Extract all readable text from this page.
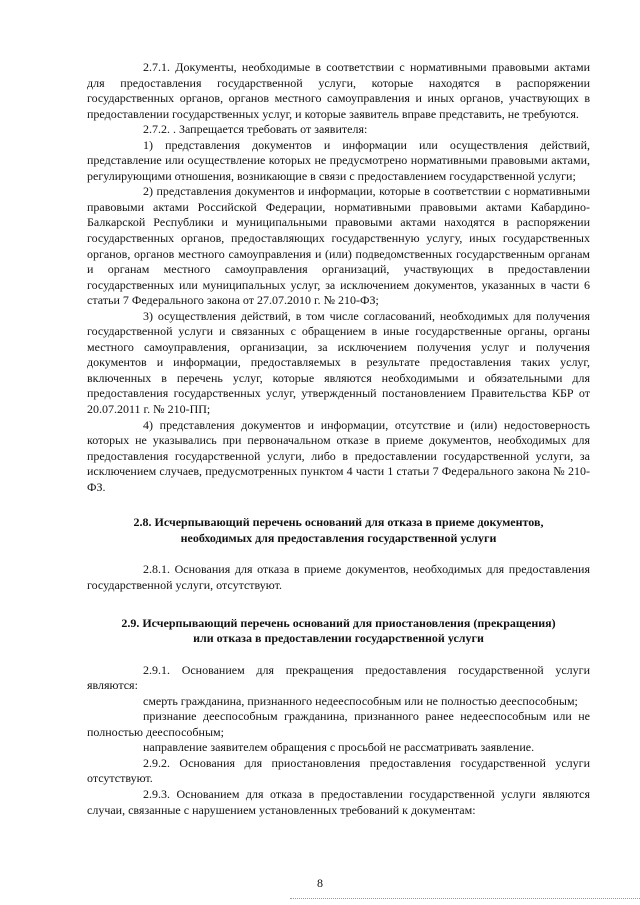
2.7.1. Документы, необходимые в соответствии с нормативными правовыми актами для предоставления государственной услуги, которые находятся в распоряжении государственных органов, органов местного самоуправления и иных органов, участвующих в предоставлении государственных услуг, и которые заявитель вправе представить, не требуются.

2.7.2. . Запрещается требовать от заявителя:

1) представления документов и информации или осуществления действий, представление или осуществление которых не предусмотрено нормативными правовыми актами, регулирующими отношения, возникающие в связи с предоставлением государственной услуги;

2) представления документов и информации, которые в соответствии с нормативными правовыми актами Российской Федерации, нормативными правовыми актами Кабардино-Балкарской Республики и муниципальными правовыми актами находятся в распоряжении государственных органов, предоставляющих государственную услугу, иных государственных органов, органов местного самоуправления и (или) подведомственных государственным органам и органам местного самоуправления организаций, участвующих в предоставлении государственных или муниципальных услуг, за исключением документов, указанных в части 6 статьи 7 Федерального закона от 27.07.2010 г. № 210-ФЗ;

3) осуществления действий, в том числе согласований, необходимых для получения государственной услуги и связанных с обращением в иные государственные органы, органы местного самоуправления, организации, за исключением получения услуг и получения документов и информации, предоставляемых в результате предоставления таких услуг, включенных в перечень услуг, которые являются необходимыми и обязательными для предоставления государственных услуг, утвержденный постановлением Правительства КБР от 20.07.2011 г. № 210-ПП;

4) представления документов и информации, отсутствие и (или) недостоверность которых не указывались при первоначальном отказе в приеме документов, необходимых для предоставления государственной услуги, либо в предоставлении государственной услуги, за исключением случаев, предусмотренных пунктом 4 части 1 статьи 7 Федерального закона № 210-ФЗ.

2.8. Исчерпывающий перечень оснований для отказа в приеме документов,
необходимых для предоставления государственной услуги

2.8.1. Основания для отказа в приеме документов, необходимых для предоставления государственной услуги, отсутствуют.

2.9. Исчерпывающий перечень оснований для приостановления (прекращения)
или отказа в предоставлении государственной услуги

2.9.1. Основанием для прекращения предоставления государственной услуги являются:

смерть гражданина, признанного недееспособным или не полностью дееспособным;

признание дееспособным гражданина, признанного ранее недееспособным или не полностью дееспособным;

направление заявителем обращения с просьбой не рассматривать заявление.

2.9.2. Основания для приостановления предоставления государственной услуги отсутствуют.

2.9.3. Основанием для отказа в предоставлении государственной услуги являются случаи, связанные с нарушением установленных требований к документам:

8
